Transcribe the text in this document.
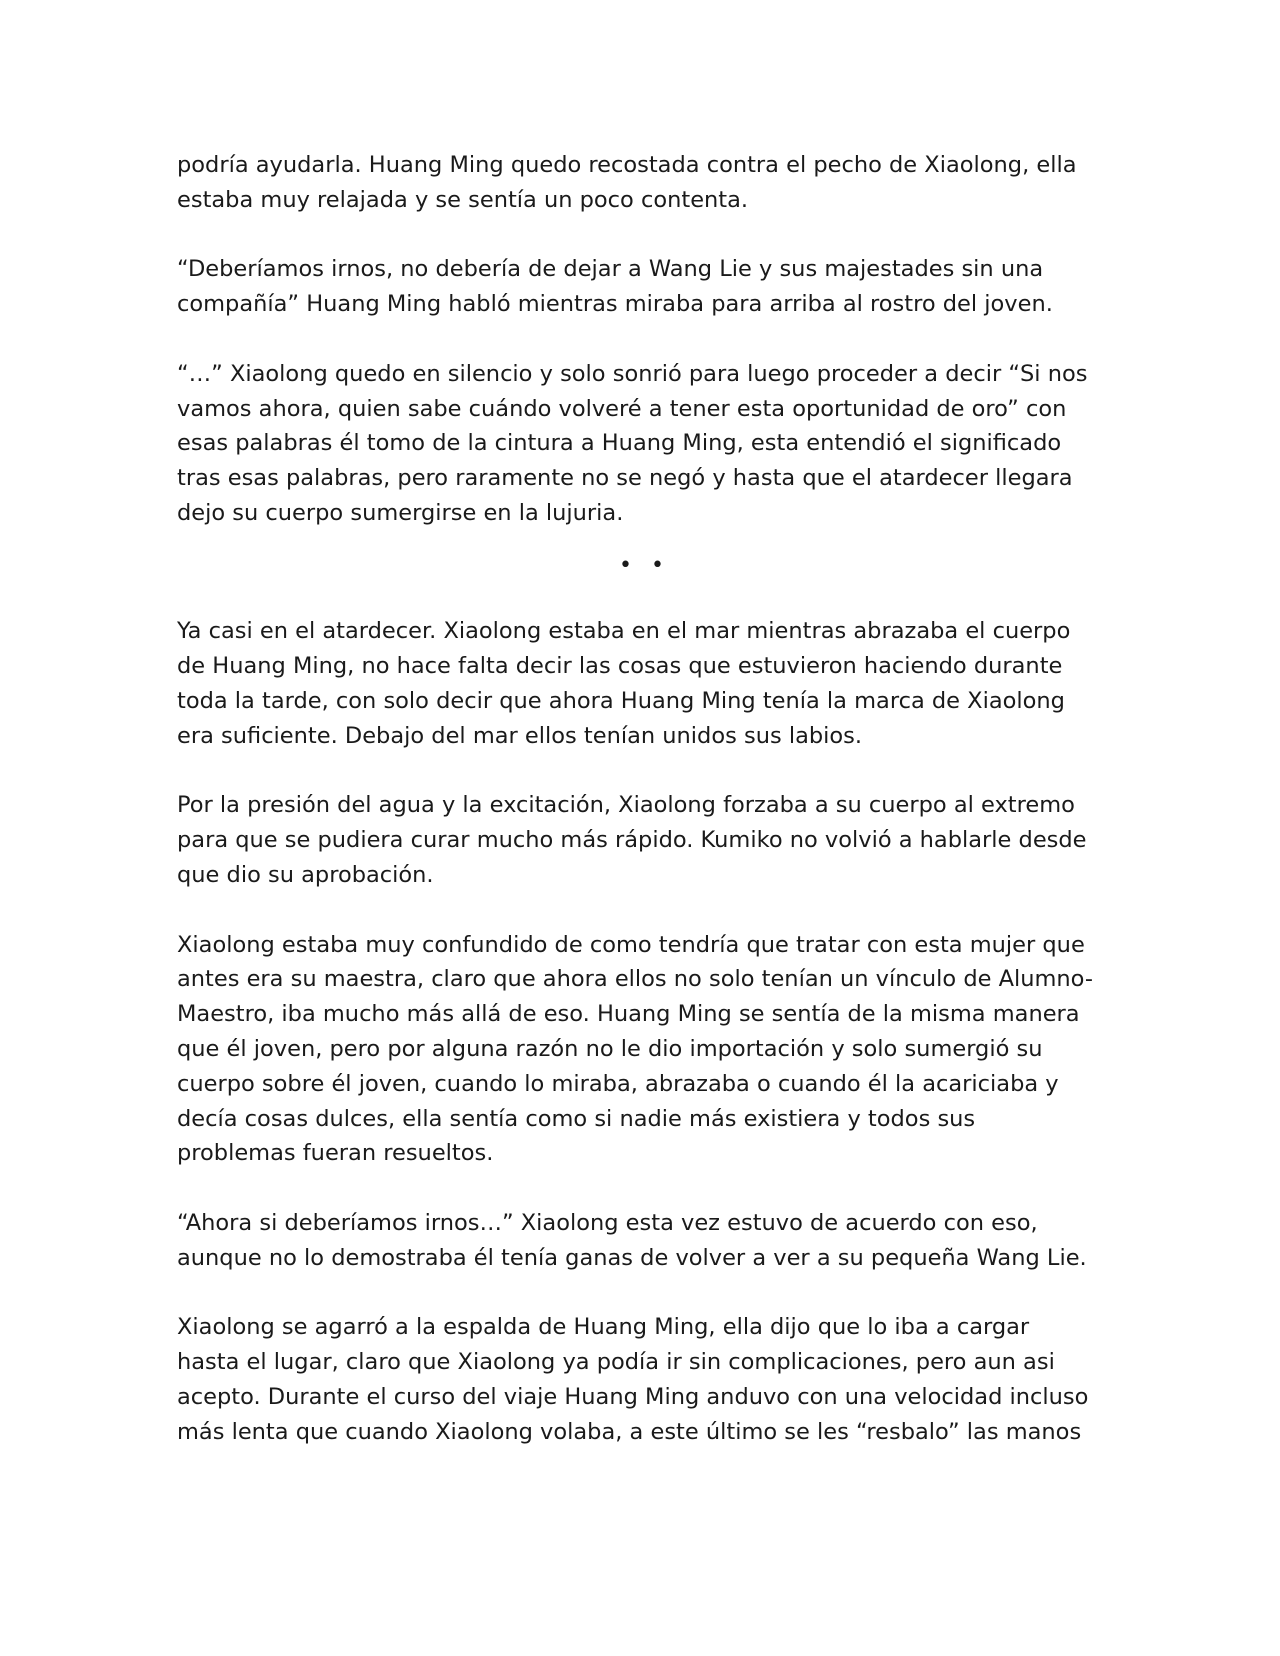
podría ayudarla. Huang Ming quedo recostada contra el pecho de Xiaolong, ella
estaba muy relajada y se sentía un poco contenta.

“Deberíamos irnos, no debería de dejar a Wang Lie y sus majestades sin una
compañía” Huang Ming habló mientras miraba para arriba al rostro del joven.

“…” Xiaolong quedo en silencio y solo sonrió para luego proceder a decir “Si nos
vamos ahora, quien sabe cuándo volveré a tener esta oportunidad de oro” con
esas palabras él tomo de la cintura a Huang Ming, esta entendió el significado
tras esas palabras, pero raramente no se negó y hasta que el atardecer llegara
dejo su cuerpo sumergirse en la lujuria.

• •

Ya casi en el atardecer. Xiaolong estaba en el mar mientras abrazaba el cuerpo
de Huang Ming, no hace falta decir las cosas que estuvieron haciendo durante
toda la tarde, con solo decir que ahora Huang Ming tenía la marca de Xiaolong
era suficiente. Debajo del mar ellos tenían unidos sus labios.

Por la presión del agua y la excitación, Xiaolong forzaba a su cuerpo al extremo
para que se pudiera curar mucho más rápido. Kumiko no volvió a hablarle desde
que dio su aprobación.

Xiaolong estaba muy confundido de como tendría que tratar con esta mujer que
antes era su maestra, claro que ahora ellos no solo tenían un vínculo de Alumno-
Maestro, iba mucho más allá de eso. Huang Ming se sentía de la misma manera
que él joven, pero por alguna razón no le dio importación y solo sumergió su
cuerpo sobre él joven, cuando lo miraba, abrazaba o cuando él la acariciaba y
decía cosas dulces, ella sentía como si nadie más existiera y todos sus
problemas fueran resueltos.

“Ahora si deberíamos irnos…” Xiaolong esta vez estuvo de acuerdo con eso,
aunque no lo demostraba él tenía ganas de volver a ver a su pequeña Wang Lie.

Xiaolong se agarró a la espalda de Huang Ming, ella dijo que lo iba a cargar
hasta el lugar, claro que Xiaolong ya podía ir sin complicaciones, pero aun asi
acepto. Durante el curso del viaje Huang Ming anduvo con una velocidad incluso
más lenta que cuando Xiaolong volaba, a este último se les “resbalo” las manos
